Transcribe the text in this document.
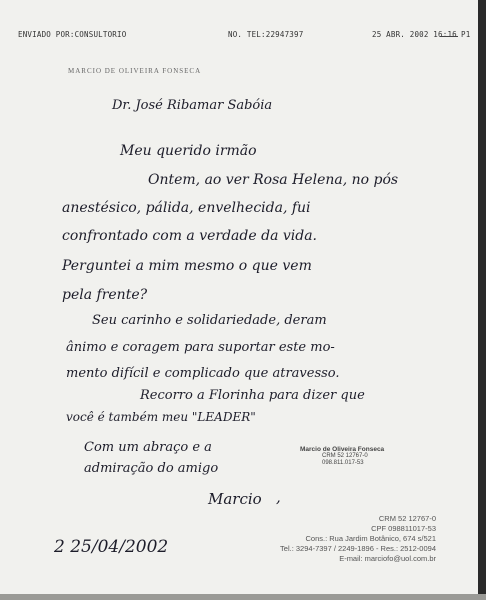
ENVIADO POR:CONSULTORIO	NO. TEL:22947397	25 ABR. 2002 16:16 P1
MARCIO DE OLIVEIRA FONSECA
Dr. José Ribamar Sabóia
Meu querido irmão
Ontem, ao ver Rosa Helena, no pós
anestésico, pálida, envelhecida, fui
confrontado com a verdade da vida.
Perguntei a mim mesmo o que vem
pela frente?
Seu carinho e solidariedade, deram
ânimo e coragem para suportar este mo-
mento difícil e complicado que atravesso.
Recorro a Florinha para dizer que
você é também meu "LEADER"
Com um abraço e a
admiração do amigo
Marcio de Oliveira Fonseca
CRM 52 12767-0
098.811.017-53
Marcio ,
2 25/04/2002
CRM 52 12767-0
CPF 098811017-53
Cons.: Rua Jardim Botânico, 674 s/521
Tel.: 3294-7397 / 2249-1896 - Res.: 2512-0094
E-mail: marciofo@uol.com.br
